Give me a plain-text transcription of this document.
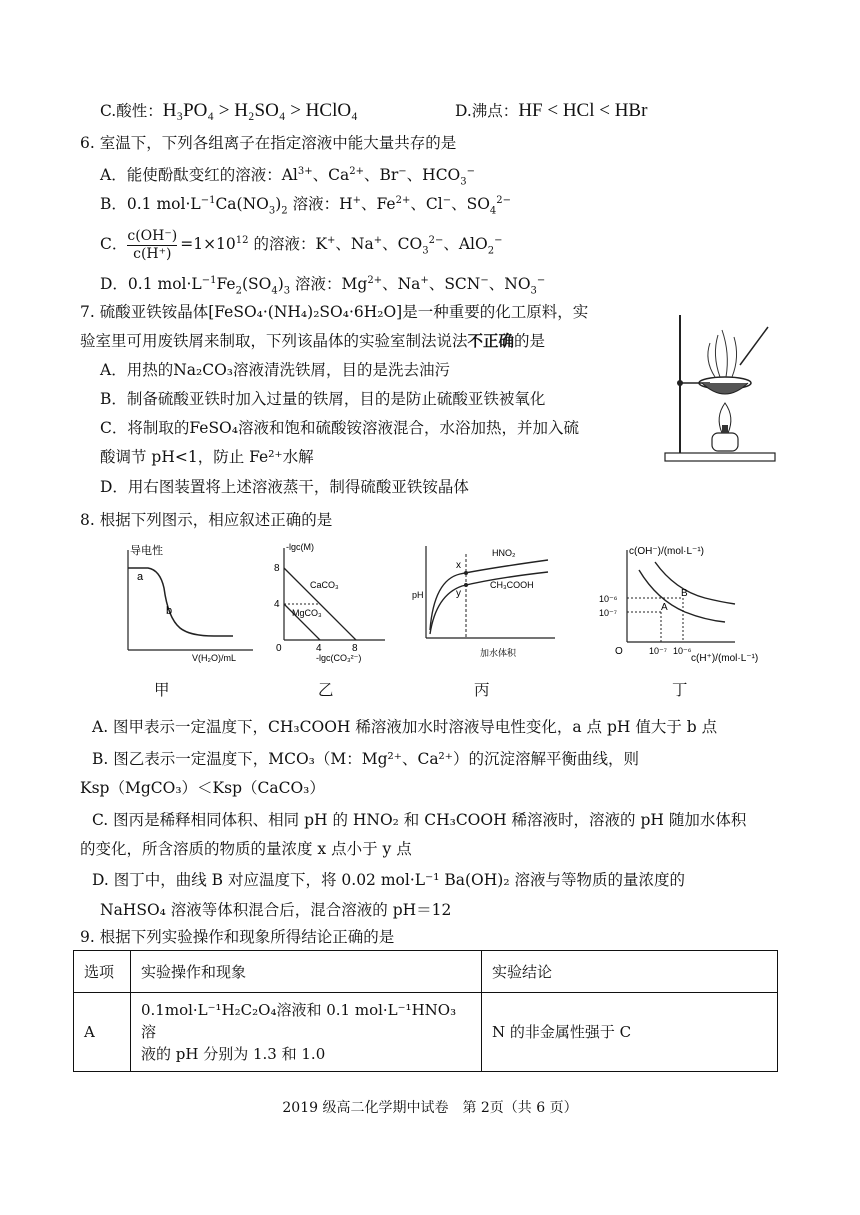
C.酸性：H₃PO₄ > H₂SO₄ > HClO₄	D.沸点：HF < HCl < HBr
6. 室温下，下列各组离子在指定溶液中能大量共存的是
A．能使酚酞变红的溶液：$Al^{3+}$、$Ca^{2+}$、Br−、$HCO_3^-$
B．0.1 $mol\cdot L^{-1}Ca(NO_3)_2$ 溶液：H+、$Fe^{2+}$、Cl−、$SO_4^{2-}$
C． $\frac{c(OH^-)}{c(H^+)} =1\times 10^{12}$ 的溶液：K+、Na+、$CO_3^{2-}$、AlO$_2$−
D．0.1 $mol\cdot L^{-1}Fe_2(SO_4)_3$ 溶液：$Mg^{2+}$、Na+、SCN−、$NO_3^-$
7. 硫酸亚铁铵晶体[FeSO₄·(NH₄)₂SO₄·6H₂O]是一种重要的化工原料，实
验室里可用废铁屑来制取，下列该晶体的实验室制法说法不正确的是
A．用热的Na₂CO₃溶液清洗铁屑，目的是洗去油污
B．制备硫酸亚铁时加入过量的铁屑，目的是防止硫酸亚铁被氧化
C．将制取的FeSO₄溶液和饱和硫酸铵溶液混合，水浴加热，并加入硫
酸调节 pH<1，防止 Fe²⁺水解
D．用右图装置将上述溶液蒸干，制得硫酸亚铁铵晶体
8. 根据下列图示，相应叙述正确的是
导电性
V(H₂O)/mL
a
b
-lgc(M)
-lgc(CO₃²⁻)
CaCO₃
MgCO₃
8
4
0	4	8
pH
加水体积
x
y
HNO₂
CH₃COOH
c(OH⁻)/(mol·L⁻¹)
c(H⁺)/(mol·L⁻¹)
O
A
B
10⁻⁶
10⁻⁷
10⁻⁷ 10⁻⁶
甲	乙	丙	丁
A. 图甲表示一定温度下，CH₃COOH 稀溶液加水时溶液导电性变化，a 点 pH 值大于 b 点
B. 图乙表示一定温度下，MCO₃（M：Mg²⁺、Ca²⁺）的沉淀溶解平衡曲线，则
Ksp（MgCO₃）＜Ksp（CaCO₃）
C. 图丙是稀释相同体积、相同 pH 的 HNO₂ 和 CH₃COOH 稀溶液时，溶液的 pH 随加水体积
的变化，所含溶质的物质的量浓度 x 点小于 y 点
D. 图丁中，曲线 B 对应温度下，将 0.02 mol·L⁻¹ Ba(OH)₂ 溶液与等物质的量浓度的
NaHSO₄ 溶液等体积混合后，混合溶液的 pH＝12
9. 根据下列实验操作和现象所得结论正确的是
选项	实验操作和现象	实验结论
A	0.1mol·L⁻¹H₂C₂O₄溶液和 0.1 mol·L⁻¹HNO₃ 溶
液的 pH 分别为 1.3 和 1.0	N 的非金属性强于 C
2019 级高二化学期中试卷　第 2页（共 6 页）
